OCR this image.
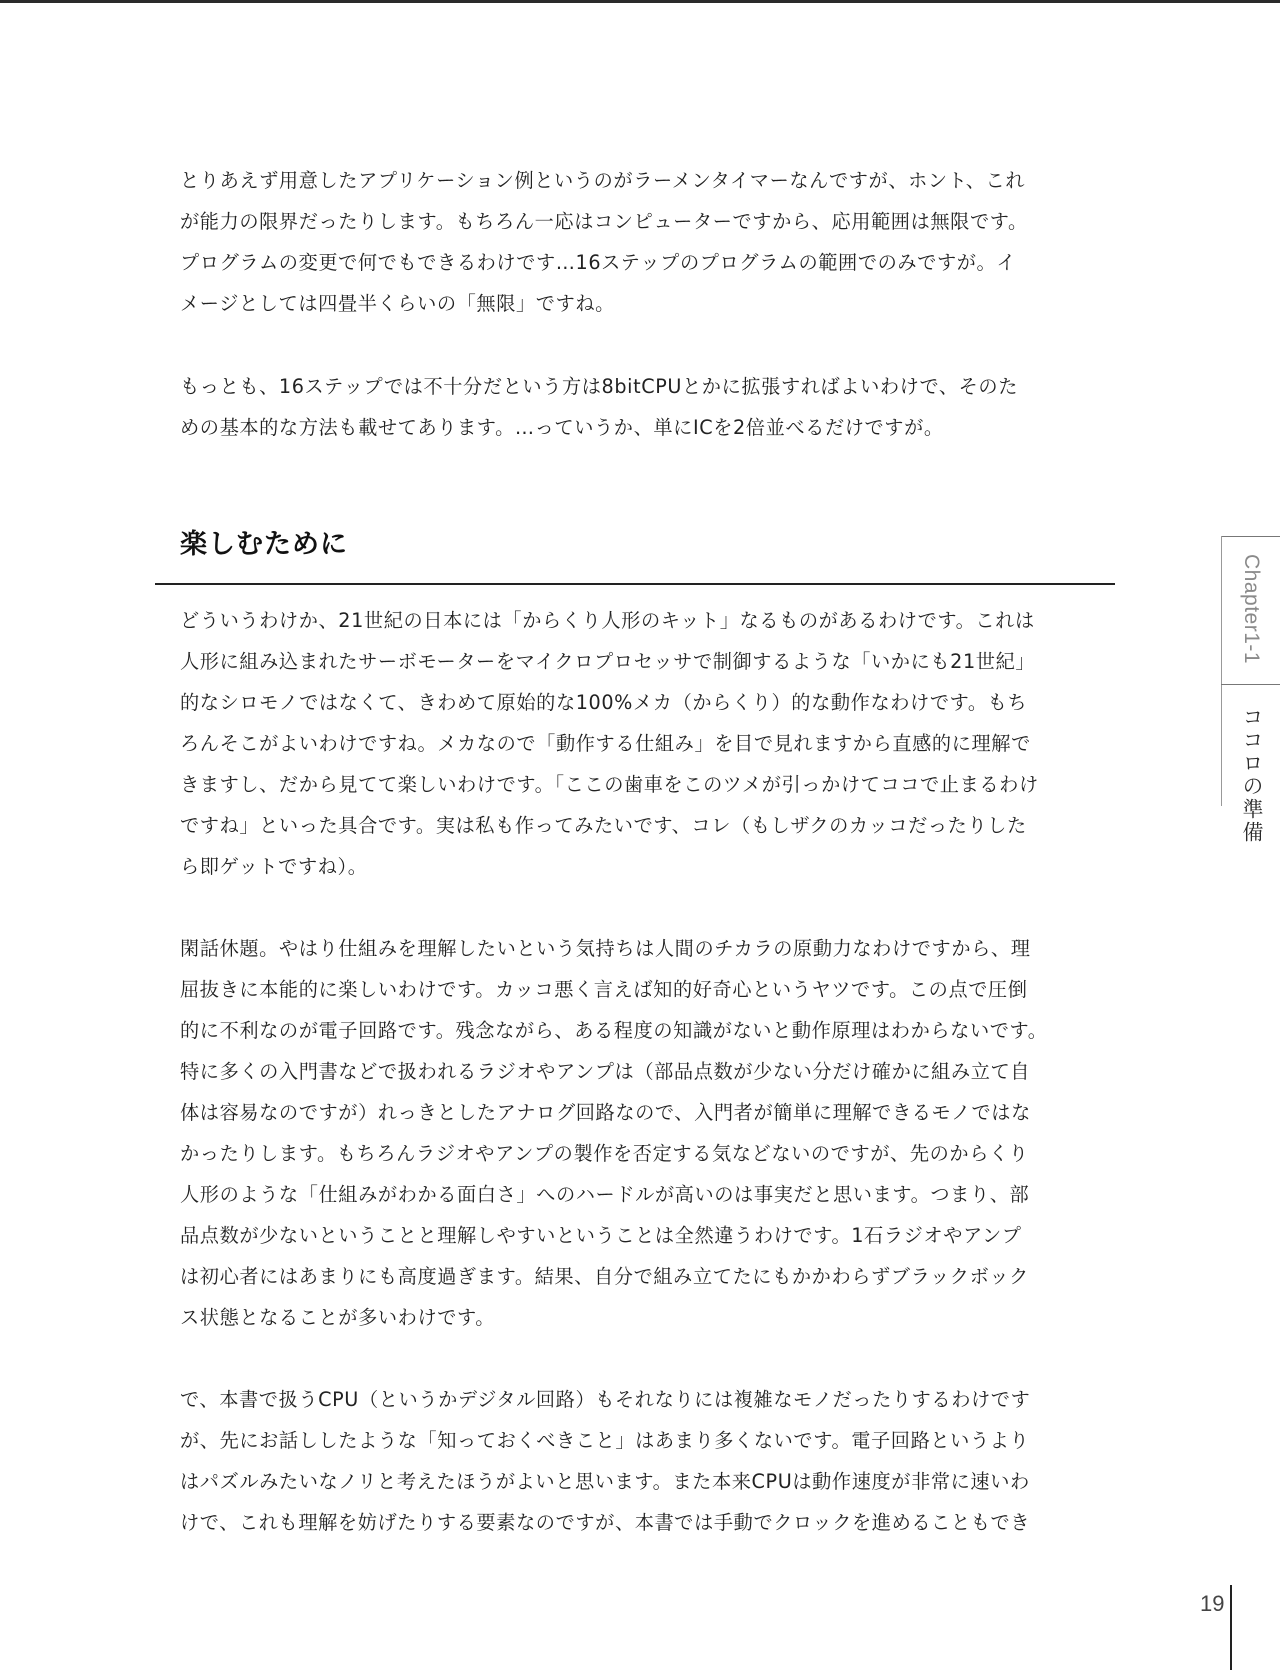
とりあえず用意したアプリケーション例というのがラーメンタイマーなんですが、ホント、これ
が能力の限界だったりします。もちろん一応はコンピューターですから、応用範囲は無限です。
プログラムの変更で何でもできるわけです…16ステップのプログラムの範囲でのみですが。イ
メージとしては四畳半くらいの「無限」ですね。

もっとも、16ステップでは不十分だという方は8bitCPUとかに拡張すればよいわけで、そのた
めの基本的な方法も載せてあります。…っていうか、単にICを2倍並べるだけですが。

楽しむために

どういうわけか、21世紀の日本には「からくり人形のキット」なるものがあるわけです。これは
人形に組み込まれたサーボモーターをマイクロプロセッサで制御するような「いかにも21世紀」
的なシロモノではなくて、きわめて原始的な100%メカ（からくり）的な動作なわけです。もち
ろんそこがよいわけですね。メカなので「動作する仕組み」を目で見れますから直感的に理解で
きますし、だから見てて楽しいわけです。「ここの歯車をこのツメが引っかけてココで止まるわけ
ですね」といった具合です。実は私も作ってみたいです、コレ（もしザクのカッコだったりした
ら即ゲットですね）。

閑話休題。やはり仕組みを理解したいという気持ちは人間のチカラの原動力なわけですから、理
屈抜きに本能的に楽しいわけです。カッコ悪く言えば知的好奇心というヤツです。この点で圧倒
的に不利なのが電子回路です。残念ながら、ある程度の知識がないと動作原理はわからないです。
特に多くの入門書などで扱われるラジオやアンプは（部品点数が少ない分だけ確かに組み立て自
体は容易なのですが）れっきとしたアナログ回路なので、入門者が簡単に理解できるモノではな
かったりします。もちろんラジオやアンプの製作を否定する気などないのですが、先のからくり
人形のような「仕組みがわかる面白さ」へのハードルが高いのは事実だと思います。つまり、部
品点数が少ないということと理解しやすいということは全然違うわけです。1石ラジオやアンプ
は初心者にはあまりにも高度過ぎます。結果、自分で組み立てたにもかかわらずブラックボック
ス状態となることが多いわけです。

で、本書で扱うCPU（というかデジタル回路）もそれなりには複雑なモノだったりするわけです
が、先にお話ししたような「知っておくべきこと」はあまり多くないです。電子回路というより
はパズルみたいなノリと考えたほうがよいと思います。また本来CPUは動作速度が非常に速いわ
けで、これも理解を妨げたりする要素なのですが、本書では手動でクロックを進めることもでき

Chapter1-1
ココロの準備
19
